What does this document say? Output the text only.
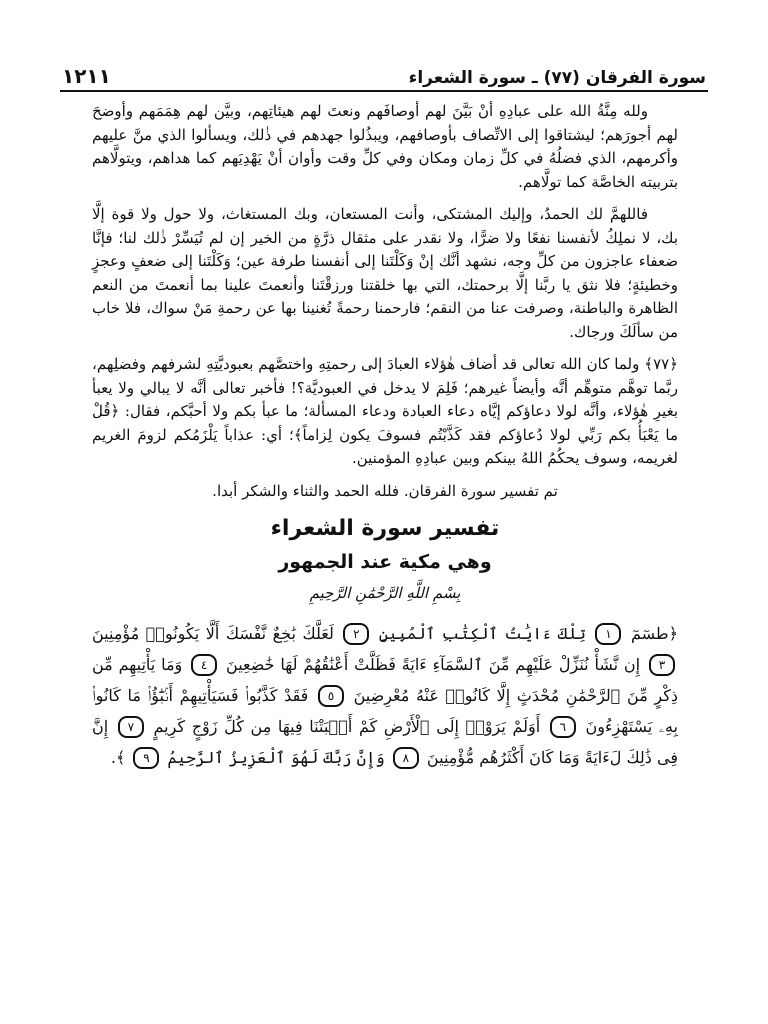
سورة الفرقان (٧٧) ـ سورة الشعراء
١٢١١

ولله مِنَّةُ الله على عبادِهِ أنْ بَيَّنَ لهم أوصافَهم ونعتَ لهم هيئاتِهم، وبيَّن لهم هِمَمَهم وأوضحَ لهم أجورَهم؛ ليشتاقوا إلى الاتِّصاف بأوصافهم، ويبذُلوا جهدهم في ذٰلك، ويسألوا الذي منَّ عليهم وأكرمهم، الذي فضلُهُ في كلِّ زمان ومكان وفي كلِّ وقت وأوان أنْ يَهْدِيَهم كما هداهم، ويتولَّاهم بتربيته الخاصَّة كما تولَّاهم.

فاللهمَّ لك الحمدُ، وإليك المشتكى، وأنت المستعان، وبك المستغاث، ولا حول ولا قوة إلَّا بك، لا نملِكُ لأنفسنا نفعًا ولا ضرًّا، ولا نقدر على مثقال ذرَّةٍ من الخير إن لم تُيَسِّرْ ذٰلك لنا؛ فإنَّا ضعفاء عاجزون من كلِّ وجه، نشهد أنَّك إنْ وَكَلْتَنا إلى أنفسنا طرفة عين؛ وَكَلْتَنا إلى ضعفٍ وعجزٍ وخطيئةٍ؛ فلا نثق يا ربَّنا إلَّا برحمتك، التي بها خلقتنا ورزقْتَنا وأنعمتَ علينا بما أنعمتَ من النعم الظاهرة والباطنة، وصرفت عنا من النقم؛ فارحمنا رحمةً تُغنينا بها عن رحمةِ مَنْ سواك، فلا خاب من سألَكَ ورجاك.

﴿٧٧﴾ ولما كان الله تعالى قد أضاف هٰؤلاء العبادَ إلى رحمتِهِ واختصَّهم بعبوديَّتِهِ لشرفهم وفضلِهم، ربَّما توهَّم متوهِّم أنَّه وأيضاً غيرهم؛ فَلِمَ لا يدخل في العبوديَّة؟! فأخبر تعالى أنَّه لا يبالي ولا يعبأ بغيرِ هٰؤلاء، وأنَّه لولا دعاؤكم إيَّاه دعاء العبادة ودعاء المسألة؛ ما عبأ بكم ولا أحبَّكم، فقال: ﴿قُلْ ما يَعْبَأُ بكم رَبِّي لولا دُعاؤكم فقد كَذَّبْتُم فسوفَ يكون لِزاماً﴾؛ أي: عذاباً يَلْزَمُكم لزومَ الغريم لغريمه، وسوف يحكُمُ اللهُ بينكم وبين عبادِهِ المؤمنين.

تم تفسير سورة الفرقان. فلله الحمد والثناء والشكر أبدا.

تفسير سورة الشعراء
وهي مكية عند الجمهور
بِسْمِ اللَّهِ الرَّحْمَٰنِ الرَّحِيمِ

﴿طسٓمٓ ١ تِلْكَ ءَايَٰتُ ٱلْكِتَٰبِ ٱلْمُبِينِ ٢ لَعَلَّكَ بَٰخِعٌ نَّفْسَكَ أَلَّا يَكُونُوا۟ مُؤْمِنِينَ ٣ إِن نَّشَأْ نُنَزِّلْ عَلَيْهِم مِّنَ ٱلسَّمَآءِ ءَايَةً فَظَلَّتْ أَعْنَٰقُهُمْ لَهَا خَٰضِعِينَ ٤ وَمَا يَأْتِيهِم مِّن ذِكْرٍ مِّنَ ٱلرَّحْمَٰنِ مُحْدَثٍ إِلَّا كَانُوا۟ عَنْهُ مُعْرِضِينَ ٥ فَقَدْ كَذَّبُوا۟ فَسَيَأْتِيهِمْ أَنۢبَٰٓؤُا۟ مَا كَانُوا۟ بِهِۦ يَسْتَهْزِءُونَ ٦ أَوَلَمْ يَرَوْا۟ إِلَى ٱلْأَرْضِ كَمْ أَنۢبَتْنَا فِيهَا مِن كُلِّ زَوْجٍ كَرِيمٍ ٧ إِنَّ فِى ذَٰلِكَ لَءَايَةً وَمَا كَانَ أَكْثَرُهُم مُّؤْمِنِينَ ٨ وَإِنَّ رَبَّكَ لَهُوَ ٱلْعَزِيزُ ٱلرَّحِيمُ ٩ ﴾.
